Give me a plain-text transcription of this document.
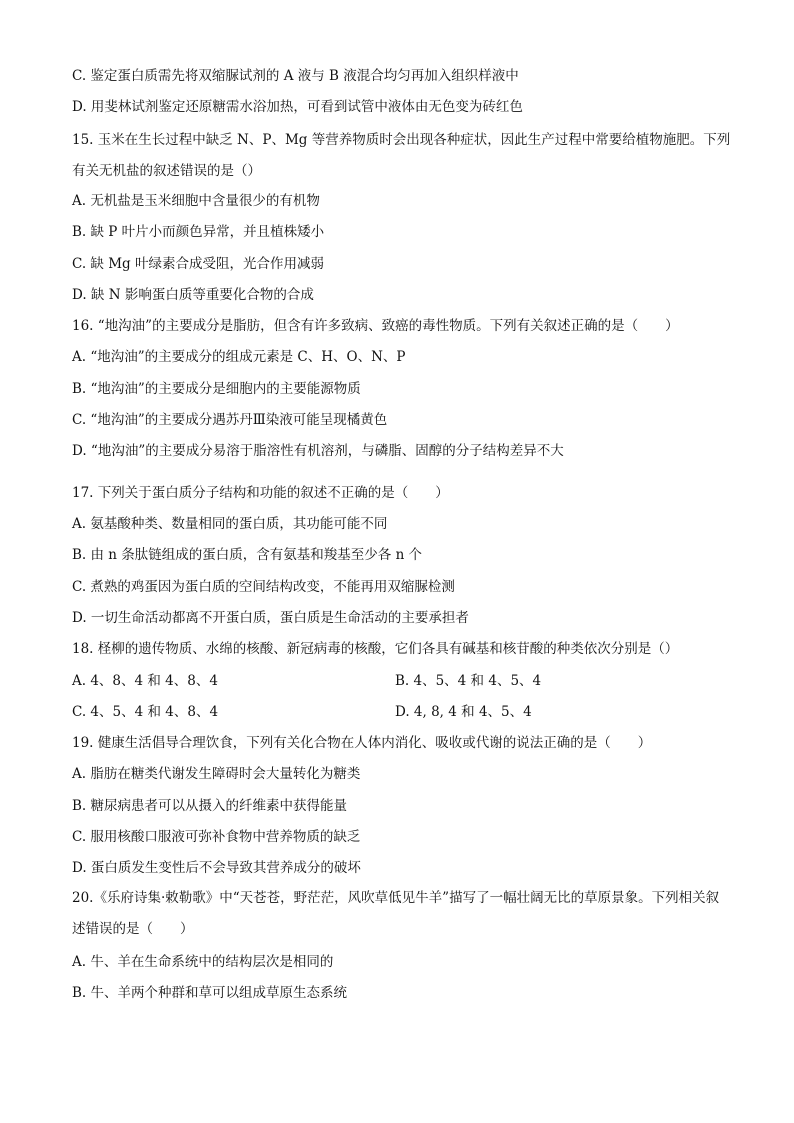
C. 鉴定蛋白质需先将双缩脲试剂的 A 液与 B 液混合均匀再加入组织样液中
D. 用斐林试剂鉴定还原糖需水浴加热，可看到试管中液体由无色变为砖红色
15. 玉米在生长过程中缺乏 N、P、Mg 等营养物质时会出现各种症状，因此生产过程中常要给植物施肥。下列有关无机盐的叙述错误的是（）
A. 无机盐是玉米细胞中含量很少的有机物
B. 缺 P 叶片小而颜色异常，并且植株矮小
C. 缺 Mg 叶绿素合成受阻，光合作用减弱
D. 缺 N 影响蛋白质等重要化合物的合成
16. “地沟油”的主要成分是脂肪，但含有许多致病、致癌的毒性物质。下列有关叙述正确的是（　　）
A. “地沟油”的主要成分的组成元素是 C、H、O、N、P
B. “地沟油”的主要成分是细胞内的主要能源物质
C. “地沟油”的主要成分遇苏丹Ⅲ染液可能呈现橘黄色
D. “地沟油”的主要成分易溶于脂溶性有机溶剂，与磷脂、固醇的分子结构差异不大
17. 下列关于蛋白质分子结构和功能的叙述不正确的是（　　）
A. 氨基酸种类、数量相同的蛋白质，其功能可能不同
B. 由 n 条肽链组成的蛋白质，含有氨基和羧基至少各 n 个
C. 煮熟的鸡蛋因为蛋白质的空间结构改变，不能再用双缩脲检测
D. 一切生命活动都离不开蛋白质，蛋白质是生命活动的主要承担者
18. 柽柳的遗传物质、水绵的核酸、新冠病毒的核酸，它们各具有碱基和核苷酸的种类依次分别是（）
A. 4、8、4 和 4、8、4	B. 4、5、4 和 4、5、4
C. 4、5、4 和 4、8、4	D. 4, 8, 4 和 4、5、4
19. 健康生活倡导合理饮食，下列有关化合物在人体内消化、吸收或代谢的说法正确的是（　　）
A. 脂肪在糖类代谢发生障碍时会大量转化为糖类
B. 糖尿病患者可以从摄入的纤维素中获得能量
C. 服用核酸口服液可弥补食物中营养物质的缺乏
D. 蛋白质发生变性后不会导致其营养成分的破坏
20.《乐府诗集·敕勒歌》中“天苍苍，野茫茫，风吹草低见牛羊”描写了一幅壮阔无比的草原景象。下列相关叙述错误的是（　　）
A. 牛、羊在生命系统中的结构层次是相同的
B. 牛、羊两个种群和草可以组成草原生态系统
